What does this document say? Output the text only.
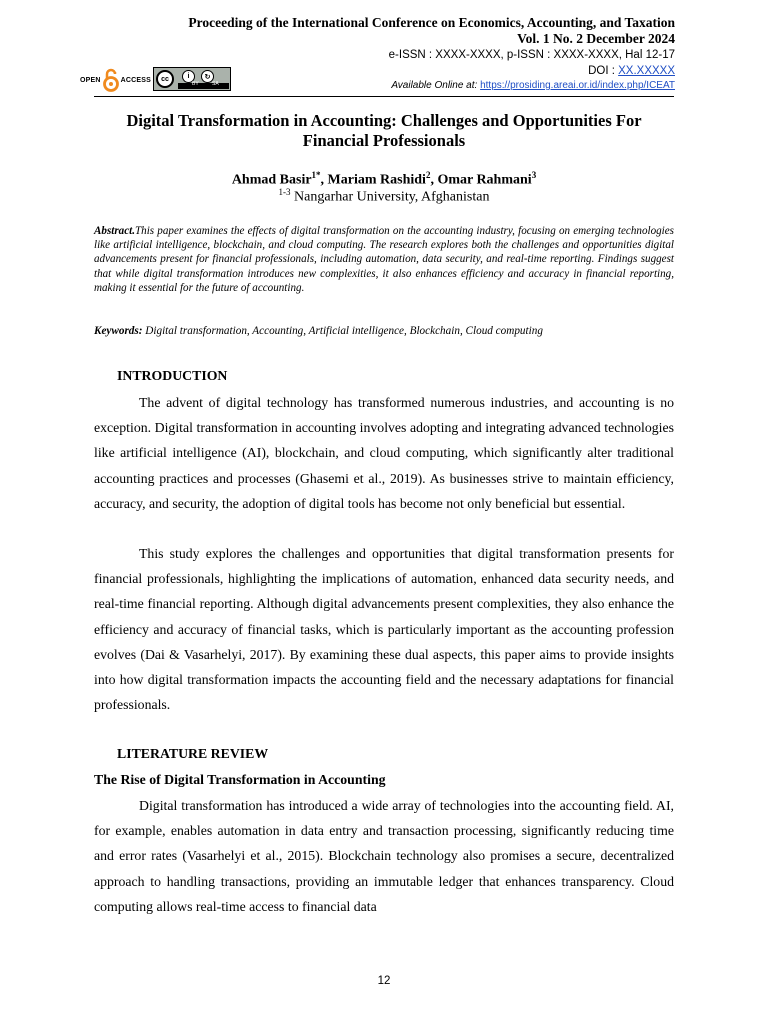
Proceeding of the International Conference on Economics, Accounting, and Taxation
Vol. 1 No. 2 December 2024
e-ISSN : XXXX-XXXX, p-ISSN : XXXX-XXXX, Hal 12-17
DOI : XX.XXXXX
Available Online at: https://prosiding.areai.or.id/index.php/ICEAT
OPEN	ACCESS	cc	i	↻
BY	SA
Digital Transformation in Accounting: Challenges and Opportunities For Financial Professionals
Ahmad Basir$^{1*}$, Mariam Rashidi$^2$, Omar Rahmani$^3$
$^{1-3}$ Nangarhar University, Afghanistan
Abstract.This paper examines the effects of digital transformation on the accounting industry, focusing on emerging technologies like artificial intelligence, blockchain, and cloud computing. The research explores both the challenges and opportunities digital advancements present for financial professionals, including automation, data security, and real-time reporting. Findings suggest that while digital transformation introduces new complexities, it also enhances efficiency and accuracy in financial reporting, making it essential for the future of accounting.
Keywords: Digital transformation, Accounting, Artificial intelligence, Blockchain, Cloud computing
INTRODUCTION
The advent of digital technology has transformed numerous industries, and accounting is no exception. Digital transformation in accounting involves adopting and integrating advanced technologies like artificial intelligence (AI), blockchain, and cloud computing, which significantly alter traditional accounting practices and processes (Ghasemi et al., 2019). As businesses strive to maintain efficiency, accuracy, and security, the adoption of digital tools has become not only beneficial but essential.
This study explores the challenges and opportunities that digital transformation presents for financial professionals, highlighting the implications of automation, enhanced data security needs, and real-time financial reporting. Although digital advancements present complexities, they also enhance the efficiency and accuracy of financial tasks, which is particularly important as the accounting profession evolves (Dai & Vasarhelyi, 2017). By examining these dual aspects, this paper aims to provide insights into how digital transformation impacts the accounting field and the necessary adaptations for financial professionals.
LITERATURE REVIEW
The Rise of Digital Transformation in Accounting
Digital transformation has introduced a wide array of technologies into the accounting field. AI, for example, enables automation in data entry and transaction processing, significantly reducing time and error rates (Vasarhelyi et al., 2015). Blockchain technology also promises a secure, decentralized approach to handling transactions, providing an immutable ledger that enhances transparency. Cloud computing allows real-time access to financial data
12
